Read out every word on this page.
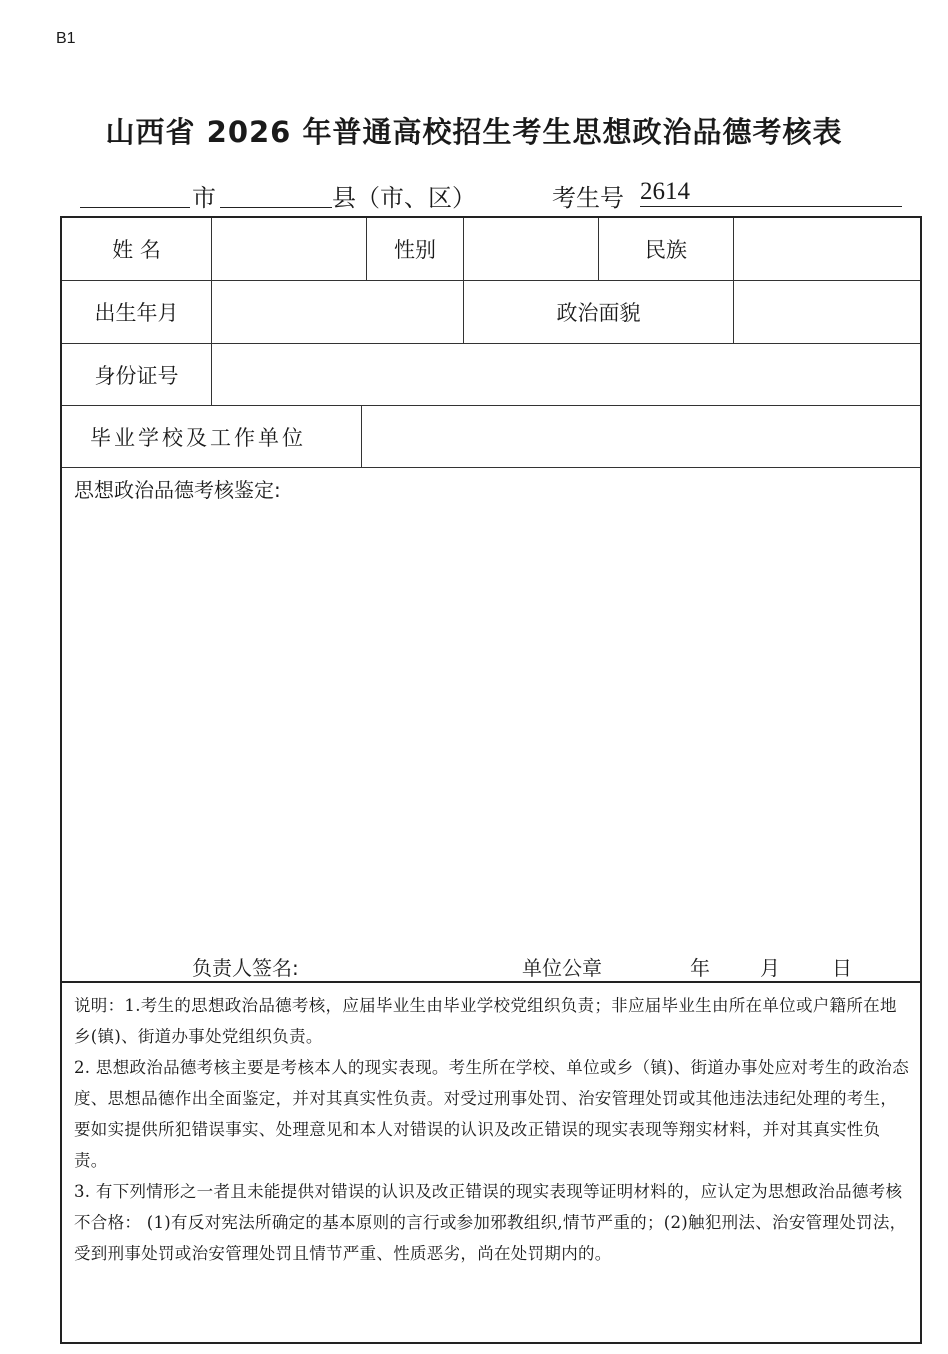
B1
山西省 2026 年普通高校招生考生思想政治品德考核表
市	县（市、区）	考生号 2614
姓 名	性别	民族
出生年月	政治面貌
身份证号
毕业学校及工作单位
思想政治品德考核鉴定:
负责人签名:	单位公章	年	月	日

说明：1.考生的思想政治品德考核，应届毕业生由毕业学校党组织负责；非应届毕业生由所在单位或户籍所在地乡(镇)、街道办事处党组织负责。

2. 思想政治品德考核主要是考核本人的现实表现。考生所在学校、单位或乡（镇)、街道办事处应对考生的政治态度、思想品德作出全面鉴定，并对其真实性负责。对受过刑事处罚、治安管理处罚或其他违法违纪处理的考生，要如实提供所犯错误事实、处理意见和本人对错误的认识及改正错误的现实表现等翔实材料，并对其真实性负责。

3. 有下列情形之一者且未能提供对错误的认识及改正错误的现实表现等证明材料的，应认定为思想政治品德考核不合格： (1)有反对宪法所确定的基本原则的言行或参加邪教组织,情节严重的；(2)触犯刑法、治安管理处罚法，受到刑事处罚或治安管理处罚且情节严重、性质恶劣，尚在处罚期内的。
